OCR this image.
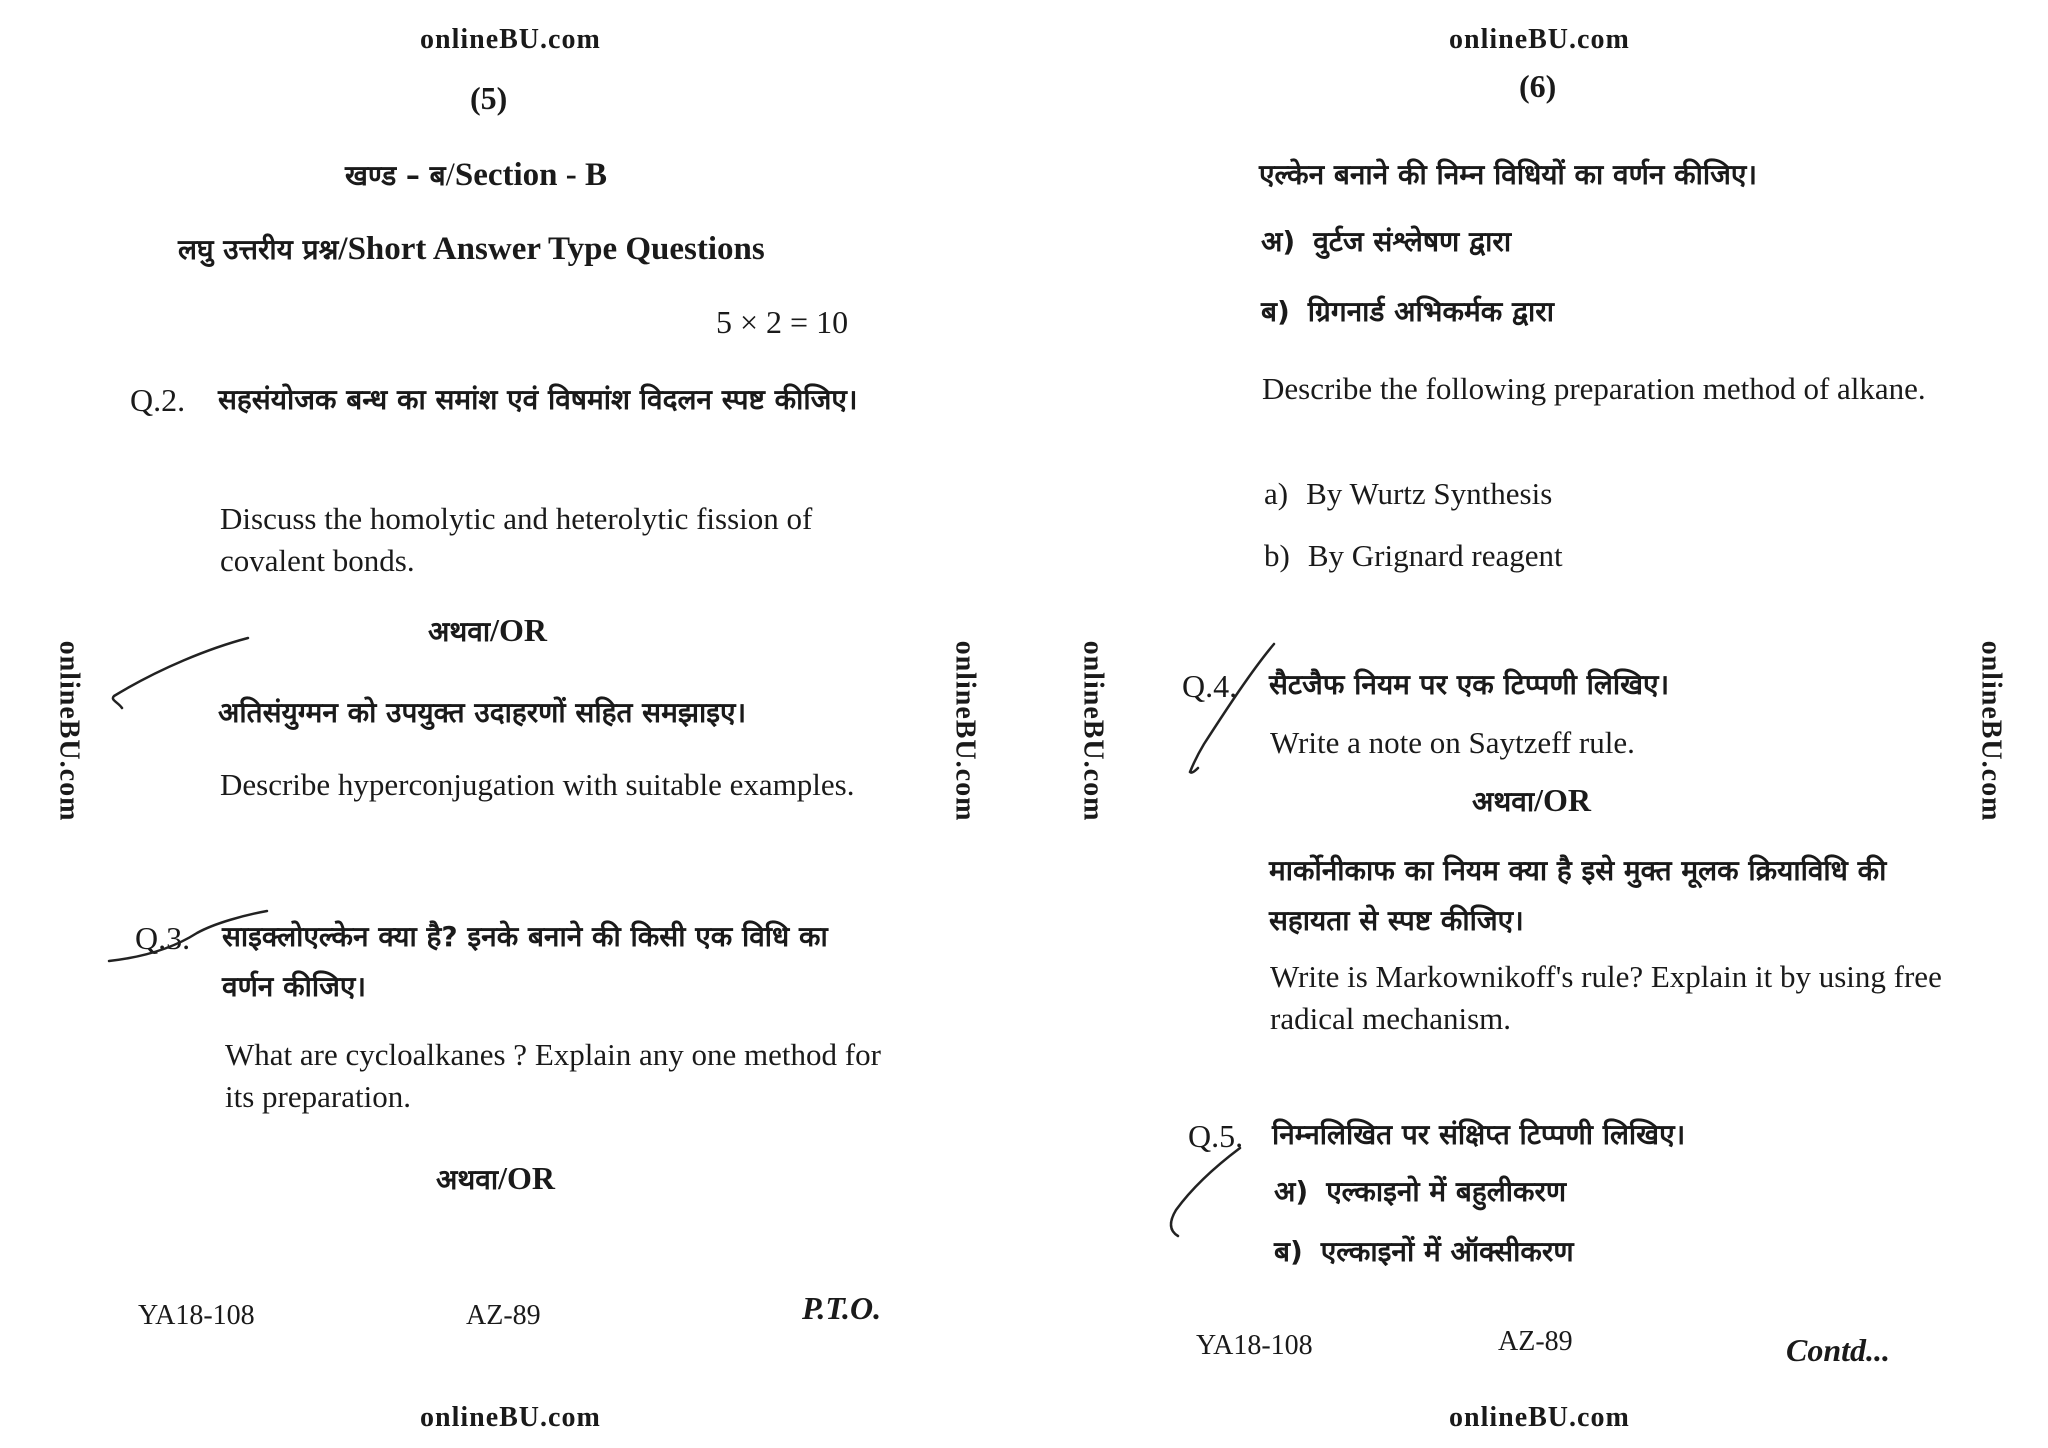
onlineBU.com
(5)
खण्ड – ब/Section - B
लघु उत्तरीय प्रश्न/Short Answer Type Questions
5 × 2 = 10
Q.2. सहसंयोजक बन्ध का समांश एवं विषमांश विदलन स्पष्ट कीजिए।
Discuss the homolytic and heterolytic fission of covalent bonds.
अथवा/OR
अतिसंयुग्मन को उपयुक्त उदाहरणों सहित समझाइए।
Describe hyperconjugation with suitable examples.
Q.3. साइक्लोएल्केन क्या है? इनके बनाने की किसी एक विधि का वर्णन कीजिए।
What are cycloalkanes ? Explain any one method for its preparation.
अथवा/OR
YA18-108	AZ-89	P.T.O.
onlineBU.com
onlineBU.com	onlineBU.com
onlineBU.com
(6)
एल्केन बनाने की निम्न विधियों का वर्णन कीजिए।
अ) वुर्टज संश्लेषण द्वारा
ब) ग्रिगनार्ड अभिकर्मक द्वारा
Describe the following preparation method of alkane.
a) By Wurtz Synthesis
b) By Grignard reagent
Q.4. सैटजैफ नियम पर एक टिप्पणी लिखिए।
Write a note on Saytzeff rule.
अथवा/OR
मार्कोनीकाफ का नियम क्या है इसे मुक्त मूलक क्रियाविधि की सहायता से स्पष्ट कीजिए।
Write is Markownikoff's rule? Explain it by using free radical mechanism.
Q.5. निम्नलिखित पर संक्षिप्त टिप्पणी लिखिए।
अ) एल्काइनो में बहुलीकरण
ब) एल्काइनों में ऑक्सीकरण
YA18-108	AZ-89	Contd...
onlineBU.com
onlineBU.com	onlineBU.com
